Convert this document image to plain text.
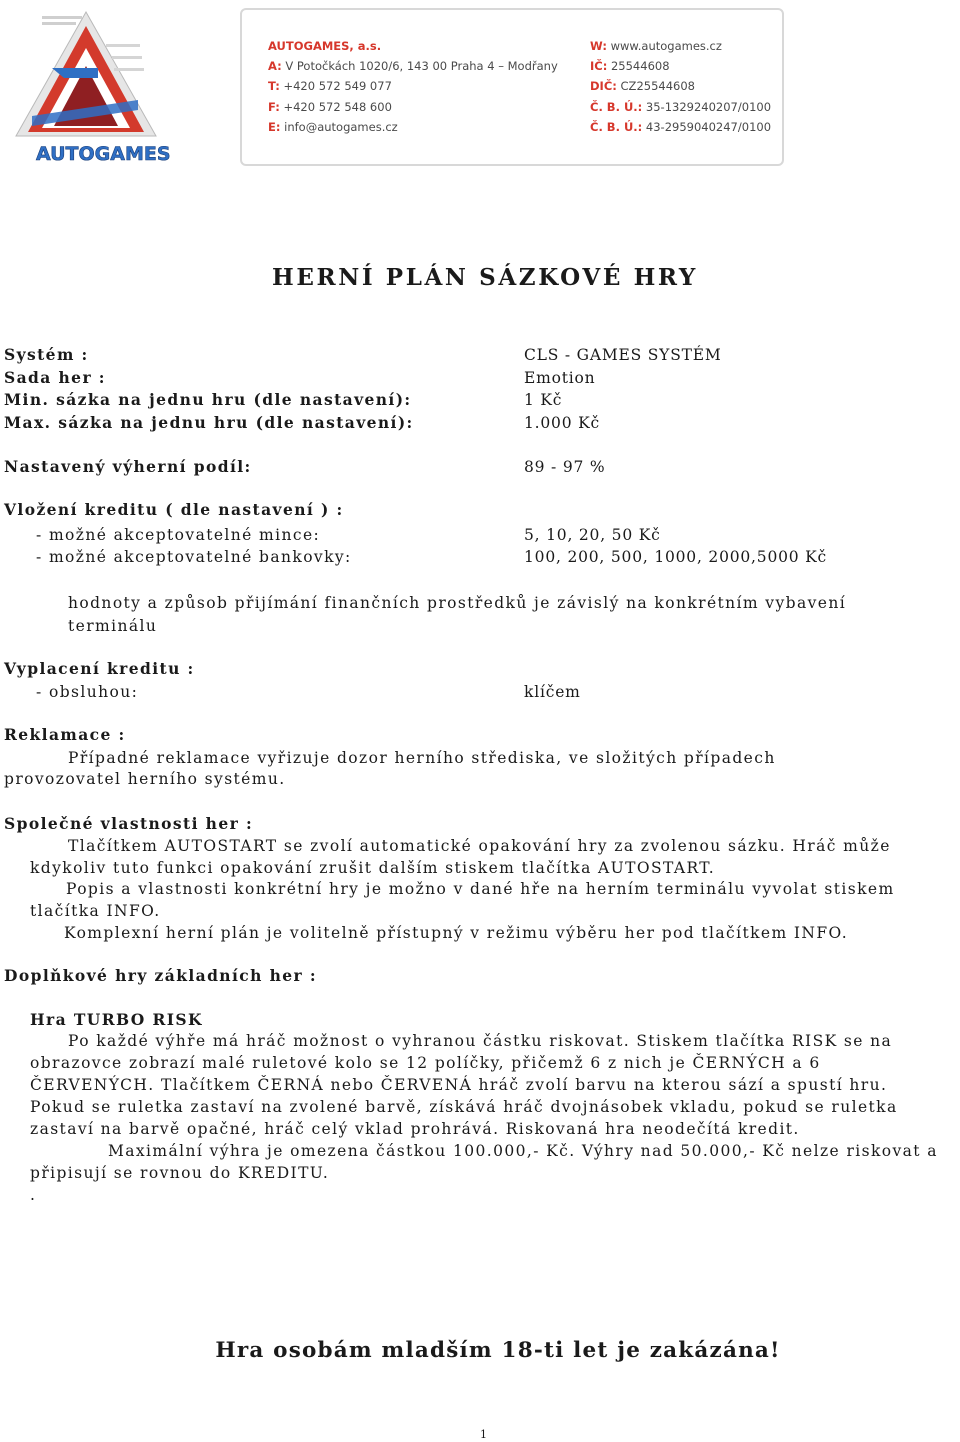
AUTOGAMES
AUTOGAMES, a.s.
A: V Potočkách 1020/6, 143 00 Praha 4 – Modřany
T: +420 572 549 077
F: +420 572 548 600
E: info@autogames.cz
W: www.autogames.cz
IČ: 25544608
DIČ: CZ25544608
Č. B. Ú.: 35-1329240207/0100
Č. B. Ú.: 43-2959040247/0100
HERNÍ PLÁN SÁZKOVÉ HRY
Systém :	CLS - GAMES SYSTÉM
Sada her :	Emotion
Min. sázka na jednu hru (dle nastavení):	1 Kč
Max. sázka na jednu hru (dle nastavení):	1.000 Kč
Nastavený výherní podíl:	89 - 97 %
Vložení kreditu ( dle nastavení ) :
- možné akceptovatelné mince:	5, 10, 20, 50 Kč
- možné akceptovatelné bankovky:	100, 200, 500, 1000, 2000,5000 Kč
hodnoty a způsob přijímání finančních prostředků je závislý na konkrétním vybavení
terminálu
Vyplacení kreditu :
- obsluhou:	klíčem
Reklamace :
Případné reklamace vyřizuje dozor herního střediska, ve složitých případech
provozovatel herního systému.
Společné vlastnosti her :
Tlačítkem AUTOSTART se zvolí automatické opakování hry za zvolenou sázku. Hráč může
kdykoliv tuto funkci opakování zrušit dalším stiskem tlačítka AUTOSTART.
Popis a vlastnosti konkrétní hry je možno v dané hře na herním terminálu vyvolat stiskem
tlačítka INFO.
Komplexní herní plán je volitelně přístupný v režimu výběru her pod tlačítkem INFO.
Doplňkové hry základních her :
Hra TURBO RISK
Po každé výhře má hráč možnost o vyhranou částku riskovat. Stiskem tlačítka RISK se na
obrazovce zobrazí malé ruletové kolo se 12 políčky, přičemž 6 z nich je ČERNÝCH a 6
ČERVENÝCH. Tlačítkem ČERNÁ nebo ČERVENÁ hráč zvolí barvu na kterou sází a spustí hru.
Pokud se ruletka zastaví na zvolené barvě, získává hráč dvojnásobek vkladu, pokud se ruletka
zastaví na barvě opačné, hráč celý vklad prohrává. Riskovaná hra neodečítá kredit.
Maximální výhra je omezena částkou 100.000,- Kč. Výhry nad 50.000,- Kč nelze riskovat a
připisují se rovnou do KREDITU.
.
Hra osobám mladším 18-ti let je zakázána!
1
